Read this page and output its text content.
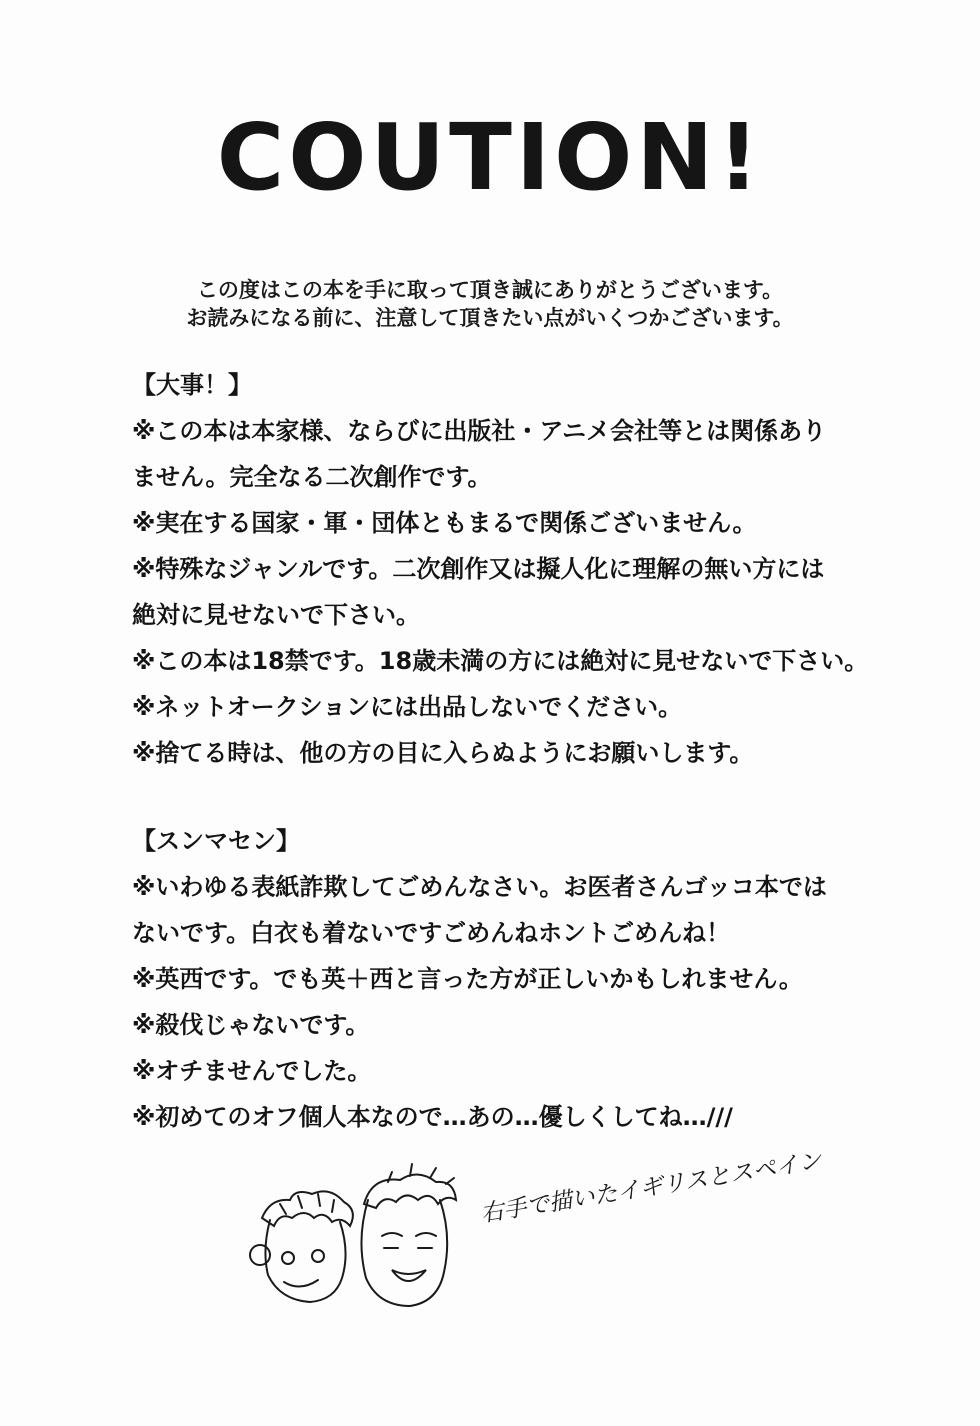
COUTION!
この度はこの本を手に取って頂き誠にありがとうございます。
お読みになる前に、注意して頂きたい点がいくつかございます。
【大事！】
※この本は本家様、ならびに出版社・アニメ会社等とは関係あり
ません。完全なる二次創作です。
※実在する国家・軍・団体ともまるで関係ございません。
※特殊なジャンルです。二次創作又は擬人化に理解の無い方には
絶対に見せないで下さい。
※この本は18禁です。18歳未満の方には絶対に見せないで下さい。
※ネットオークションには出品しないでください。
※捨てる時は、他の方の目に入らぬようにお願いします。
【スンマセン】
※いわゆる表紙詐欺してごめんなさい。お医者さんゴッコ本では
ないです。白衣も着ないですごめんねホントごめんね！
※英西です。でも英＋西と言った方が正しいかもしれません。
※殺伐じゃないです。
※オチませんでした。
※初めてのオフ個人本なので…あの…優しくしてね…///
右手で描いたイギリスとスペイン
